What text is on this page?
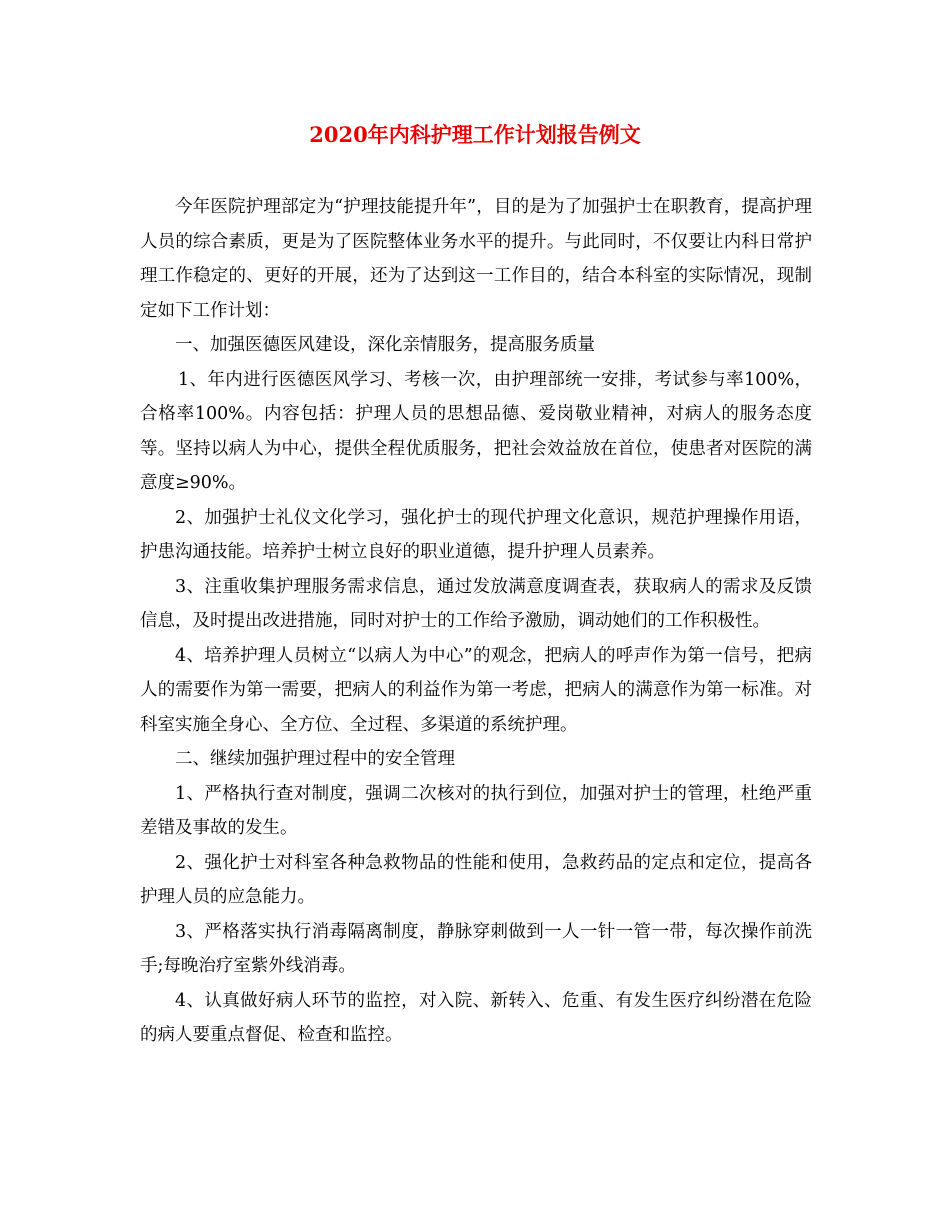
2020年内科护理工作计划报告例文

今年医院护理部定为“护理技能提升年”，目的是为了加强护士在职教育，提高护理人员的综合素质，更是为了医院整体业务水平的提升。与此同时，不仅要让内科日常护理工作稳定的、更好的开展，还为了达到这一工作目的，结合本科室的实际情况，现制定如下工作计划：

一、加强医德医风建设，深化亲情服务，提高服务质量

1、年内进行医德医风学习、考核一次，由护理部统一安排，考试参与率100%，合格率100%。内容包括：护理人员的思想品德、爱岗敬业精神，对病人的服务态度等。坚持以病人为中心，提供全程优质服务，把社会效益放在首位，使患者对医院的满意度≥90%。

2、加强护士礼仪文化学习，强化护士的现代护理文化意识，规范护理操作用语，护患沟通技能。培养护士树立良好的职业道德，提升护理人员素养。

3、注重收集护理服务需求信息，通过发放满意度调查表，获取病人的需求及反馈信息，及时提出改进措施，同时对护士的工作给予激励，调动她们的工作积极性。

4、培养护理人员树立“以病人为中心”的观念，把病人的呼声作为第一信号，把病人的需要作为第一需要，把病人的利益作为第一考虑，把病人的满意作为第一标准。对科室实施全身心、全方位、全过程、多渠道的系统护理。

二、继续加强护理过程中的安全管理

1、严格执行查对制度，强调二次核对的执行到位，加强对护士的管理，杜绝严重差错及事故的发生。

2、强化护士对科室各种急救物品的性能和使用，急救药品的定点和定位，提高各护理人员的应急能力。

3、严格落实执行消毒隔离制度，静脉穿刺做到一人一针一管一带，每次操作前洗手;每晚治疗室紫外线消毒。

4、认真做好病人环节的监控，对入院、新转入、危重、有发生医疗纠纷潜在危险的病人要重点督促、检查和监控。
